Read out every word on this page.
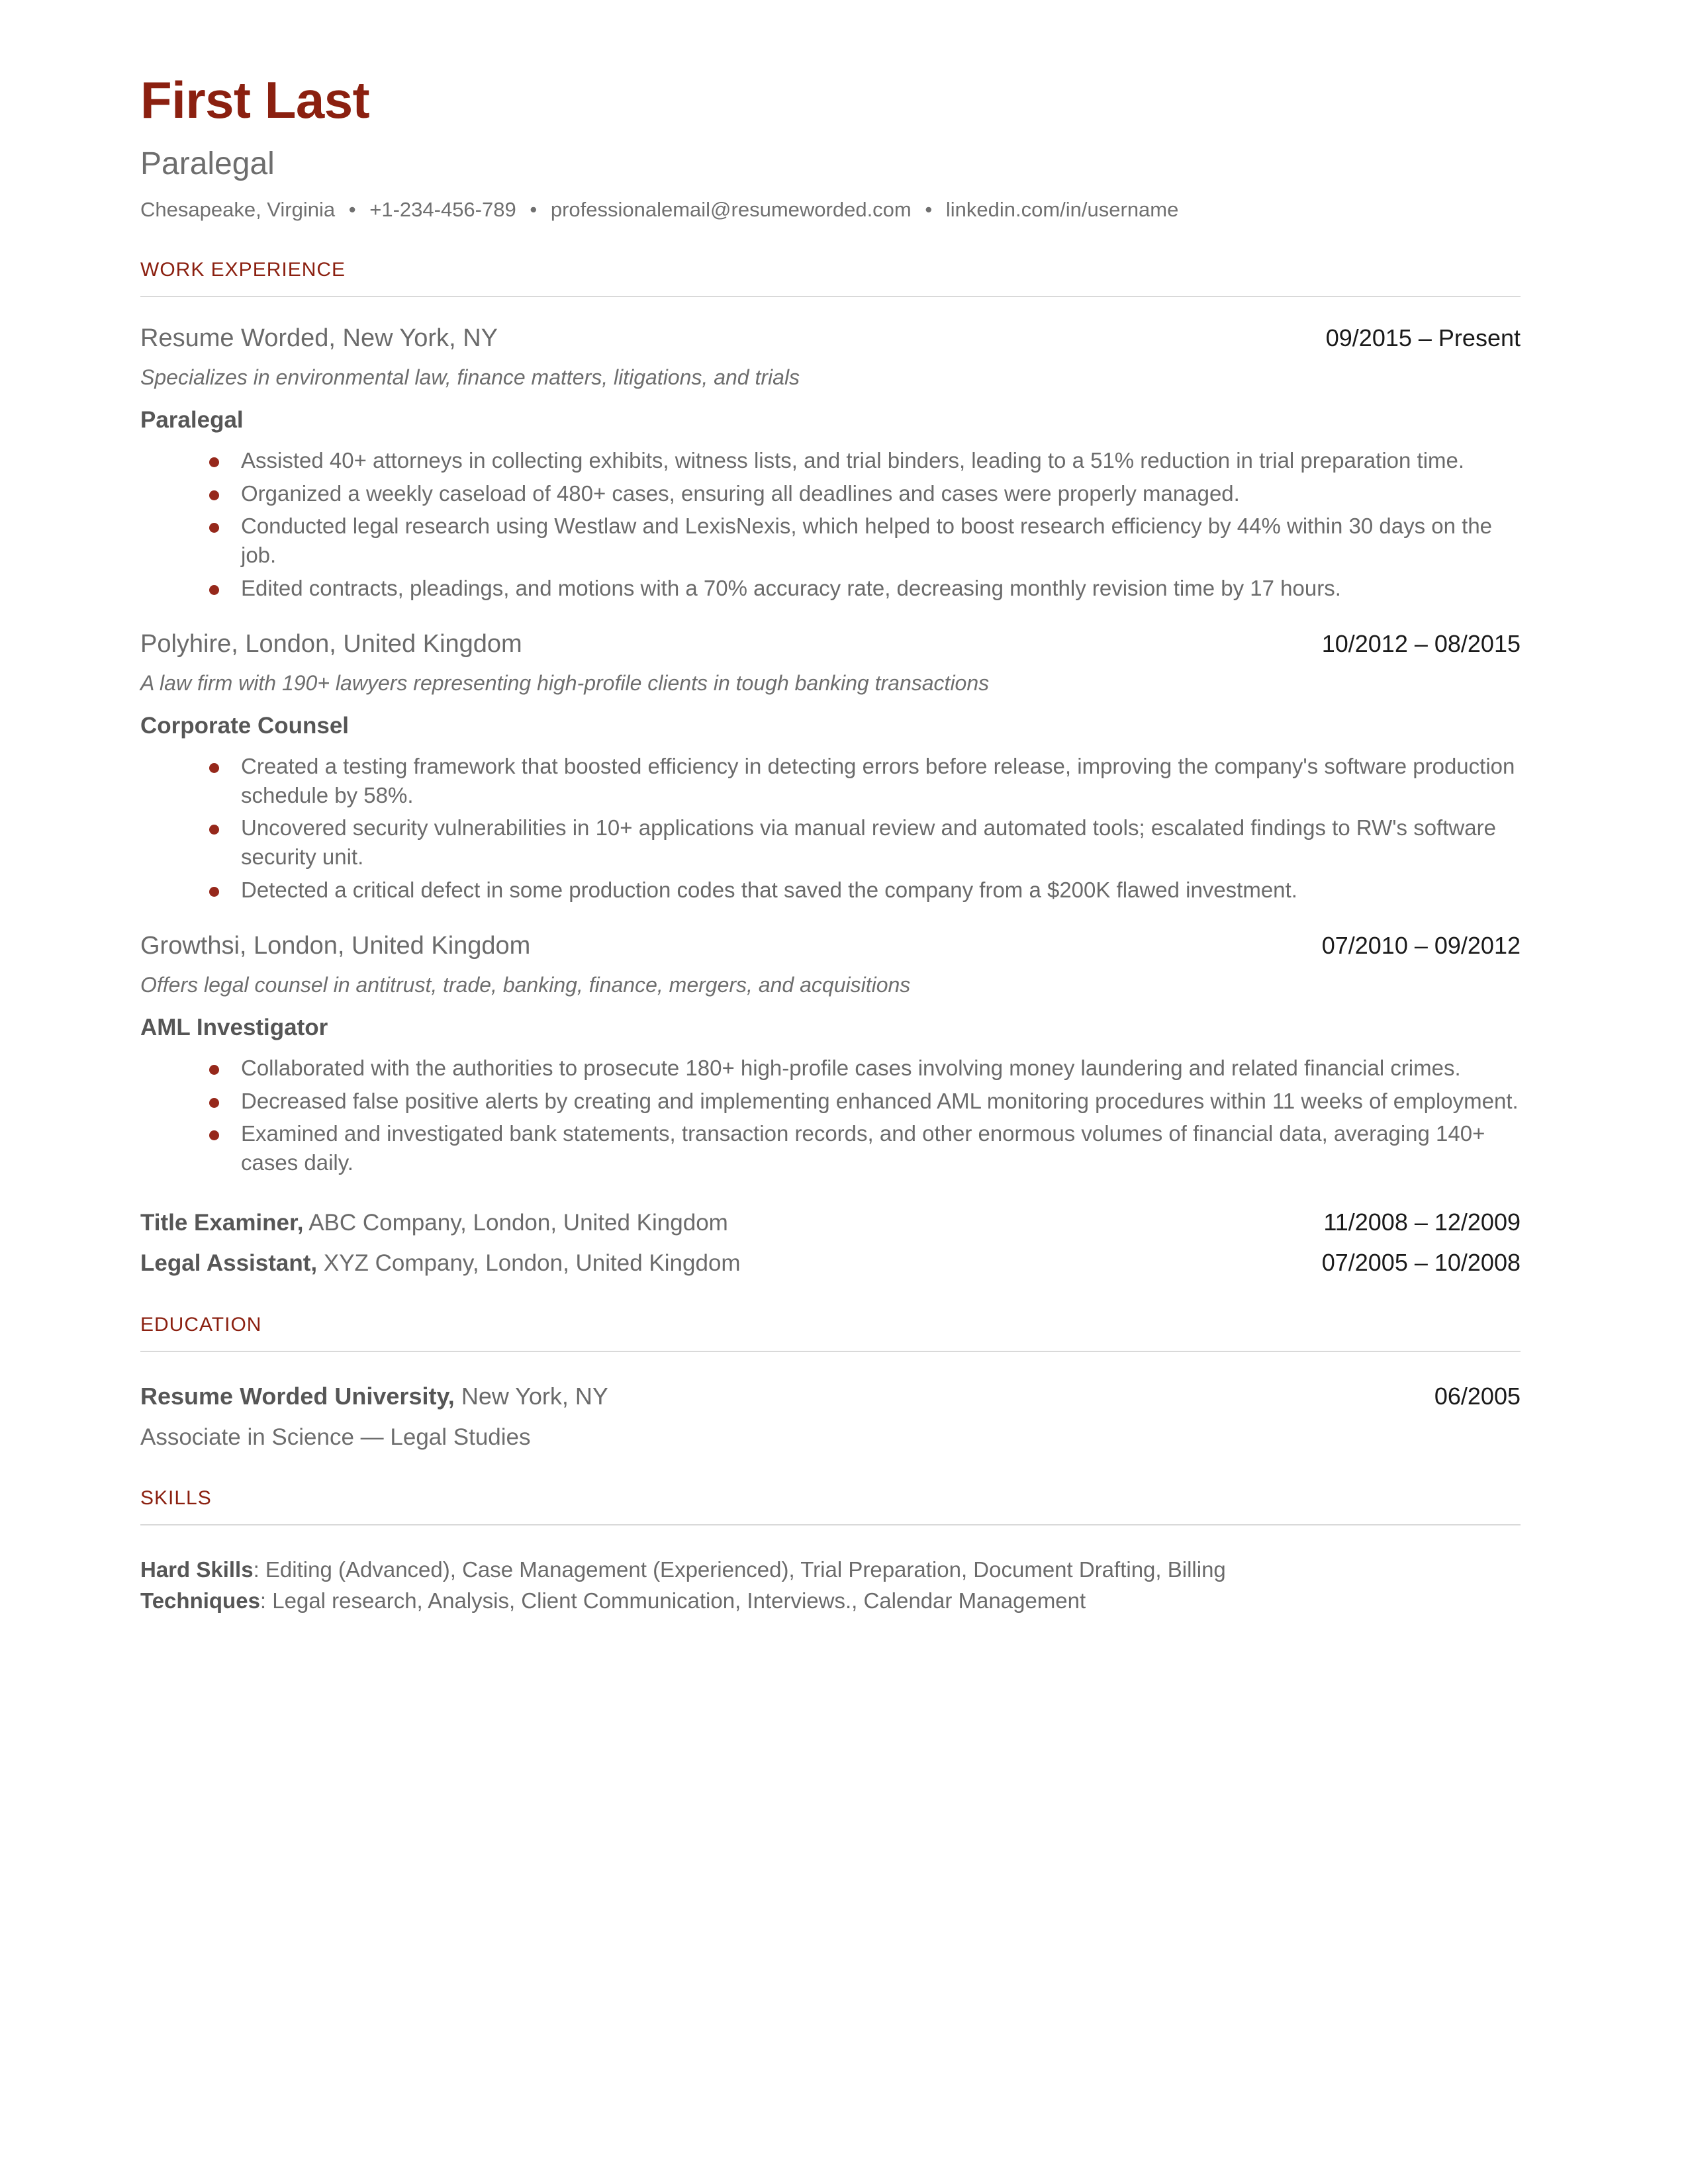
First Last
Paralegal
Chesapeake, Virginia • +1-234-456-789 • professionalemail@resumeworded.com • linkedin.com/in/username
WORK EXPERIENCE
Resume Worded, New York, NY	09/2015 – Present
Specializes in environmental law, finance matters, litigations, and trials
Paralegal
Assisted 40+ attorneys in collecting exhibits, witness lists, and trial binders, leading to a 51% reduction in trial preparation time.
Organized a weekly caseload of 480+ cases, ensuring all deadlines and cases were properly managed.
Conducted legal research using Westlaw and LexisNexis, which helped to boost research efficiency by 44% within 30 days on the job.
Edited contracts, pleadings, and motions with a 70% accuracy rate, decreasing monthly revision time by 17 hours.
Polyhire, London, United Kingdom	10/2012 – 08/2015
A law firm with 190+ lawyers representing high-profile clients in tough banking transactions
Corporate Counsel
Created a testing framework that boosted efficiency in detecting errors before release, improving the company's software production schedule by 58%.
Uncovered security vulnerabilities in 10+ applications via manual review and automated tools; escalated findings to RW's software security unit.
Detected a critical defect in some production codes that saved the company from a $200K flawed investment.
Growthsi, London, United Kingdom	07/2010 – 09/2012
Offers legal counsel in antitrust, trade, banking, finance, mergers, and acquisitions
AML Investigator
Collaborated with the authorities to prosecute 180+ high-profile cases involving money laundering and related financial crimes.
Decreased false positive alerts by creating and implementing enhanced AML monitoring procedures within 11 weeks of employment.
Examined and investigated bank statements, transaction records, and other enormous volumes of financial data, averaging 140+ cases daily.
Title Examiner, ABC Company, London, United Kingdom	11/2008 – 12/2009
Legal Assistant, XYZ Company, London, United Kingdom	07/2005 – 10/2008
EDUCATION
Resume Worded University, New York, NY	06/2005
Associate in Science — Legal Studies
SKILLS
Hard Skills: Editing (Advanced), Case Management (Experienced), Trial Preparation, Document Drafting, Billing
Techniques: Legal research, Analysis, Client Communication, Interviews., Calendar Management
